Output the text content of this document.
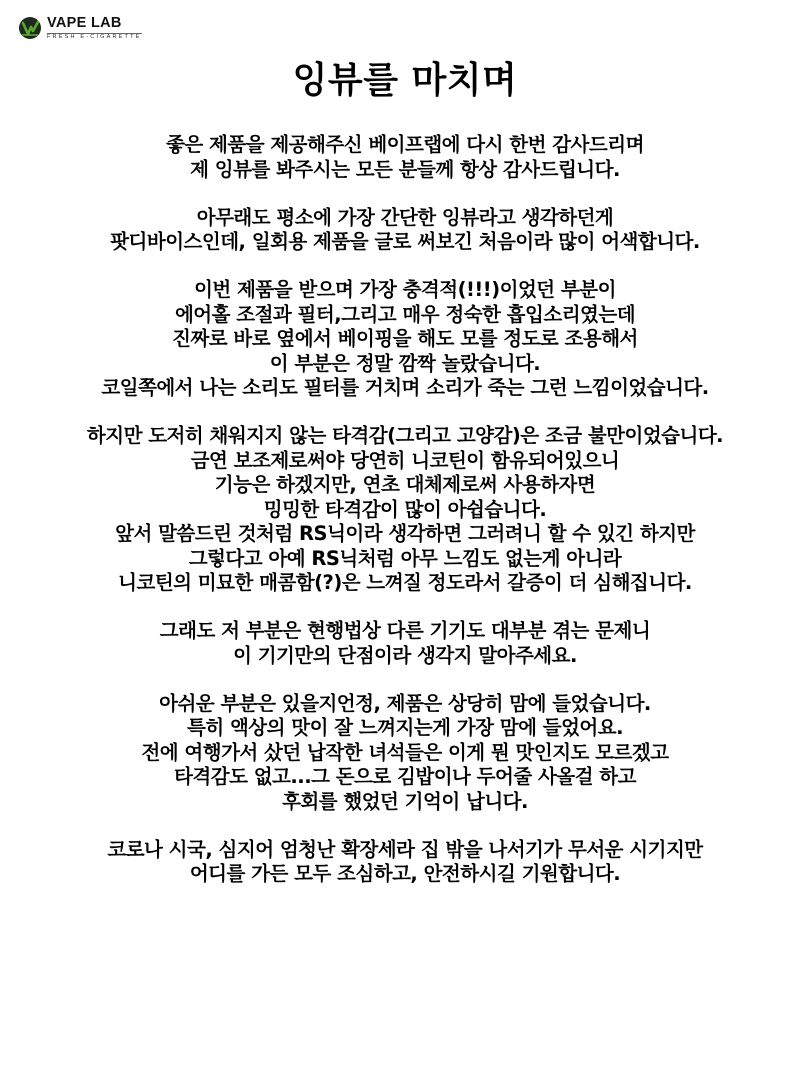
VAPE LAB
FRESH E-CIGARETTE
잉뷰를 마치며
좋은 제품을 제공해주신 베이프랩에 다시 한번 감사드리며
제 잉뷰를 봐주시는 모든 분들께 항상 감사드립니다.
아무래도 평소에 가장 간단한 잉뷰라고 생각하던게
팟디바이스인데, 일회용 제품을 글로 써보긴 처음이라 많이 어색합니다.
이번 제품을 받으며 가장 충격적(!!!)이었던 부분이
에어홀 조절과 필터,그리고 매우 정숙한 흡입소리였는데
진짜로 바로 옆에서 베이핑을 해도 모를 정도로 조용해서
이 부분은 정말 깜짝 놀랐습니다.
코일쪽에서 나는 소리도 필터를 거치며 소리가 죽는 그런 느낌이었습니다.
하지만 도저히 채워지지 않는 타격감(그리고 고양감)은 조금 불만이었습니다.
금연 보조제로써야 당연히 니코틴이 함유되어있으니
기능은 하겠지만, 연초 대체제로써 사용하자면
밍밍한 타격감이 많이 아쉽습니다.
앞서 말씀드린 것처럼 RS닉이라 생각하면 그러려니 할 수 있긴 하지만
그렇다고 아예 RS닉처럼 아무 느낌도 없는게 아니라
니코틴의 미묘한 매콤함(?)은 느껴질 정도라서 갈증이 더 심해집니다.
그래도 저 부분은 현행법상 다른 기기도 대부분 겪는 문제니
이 기기만의 단점이라 생각지 말아주세요.
아쉬운 부분은 있을지언정, 제품은 상당히 맘에 들었습니다.
특히 액상의 맛이 잘 느껴지는게 가장 맘에 들었어요.
전에 여행가서 샀던 납작한 녀석들은 이게 뭔 맛인지도 모르겠고
타격감도 없고...그 돈으로 김밥이나 두어줄 사올걸 하고
후회를 했었던 기억이 납니다.
코로나 시국, 심지어 엄청난 확장세라 집 밖을 나서기가 무서운 시기지만
어디를 가든 모두 조심하고, 안전하시길 기원합니다.
